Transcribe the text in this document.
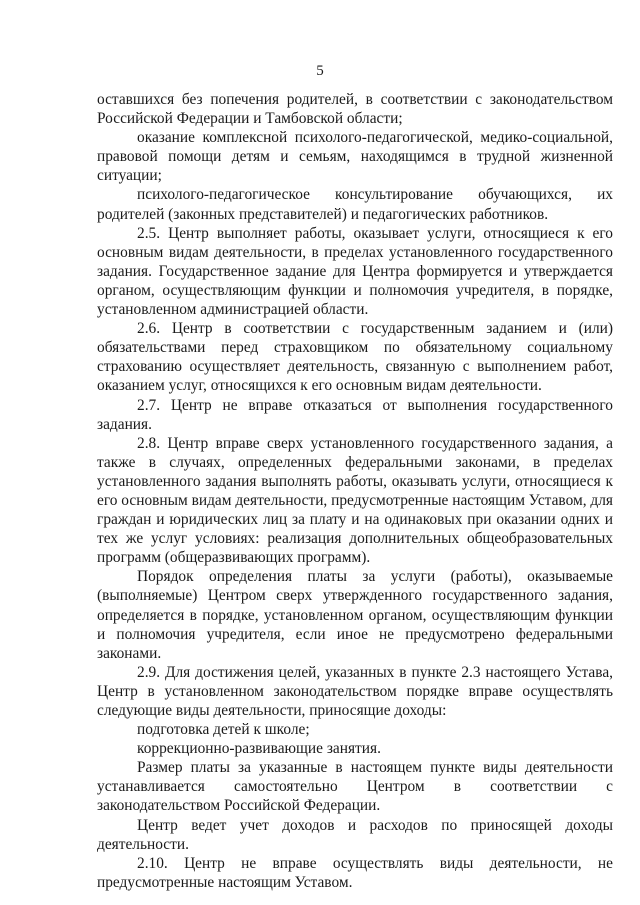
5

оставшихся без попечения родителей, в соответствии с законодательством Российской Федерации и Тамбовской области;

оказание комплексной психолого-педагогической, медико-социальной, правовой помощи детям и семьям, находящимся в трудной жизненной ситуации;

психолого-педагогическое консультирование обучающихся, их родителей (законных представителей) и педагогических работников.

2.5. Центр выполняет работы, оказывает услуги, относящиеся к его основным видам деятельности, в пределах установленного государственного задания. Государственное задание для Центра формируется и утверждается органом, осуществляющим функции и полномочия учредителя, в порядке, установленном администрацией области.

2.6. Центр в соответствии с государственным заданием и (или) обязательствами перед страховщиком по обязательному социальному страхованию осуществляет деятельность, связанную с выполнением работ, оказанием услуг, относящихся к его основным видам деятельности.

2.7. Центр не вправе отказаться от выполнения государственного задания.

2.8. Центр вправе сверх установленного государственного задания, а также в случаях, определенных федеральными законами, в пределах установленного задания выполнять работы, оказывать услуги, относящиеся к его основным видам деятельности, предусмотренные настоящим Уставом, для граждан и юридических лиц за плату и на одинаковых при оказании одних и тех же услуг условиях: реализация дополнительных общеобразовательных программ (общеразвивающих программ).

Порядок определения платы за услуги (работы), оказываемые (выполняемые) Центром сверх утвержденного государственного задания, определяется в порядке, установленном органом, осуществляющим функции и полномочия учредителя, если иное не предусмотрено федеральными законами.

2.9. Для достижения целей, указанных в пункте 2.3 настоящего Устава, Центр в установленном законодательством порядке вправе осуществлять следующие виды деятельности, приносящие доходы:

подготовка детей к школе;

коррекционно-развивающие занятия.

Размер платы за указанные в настоящем пункте виды деятельности устанавливается самостоятельно Центром в соответствии с законодательством Российской Федерации.

Центр ведет учет доходов и расходов по приносящей доходы деятельности.

2.10. Центр не вправе осуществлять виды деятельности, не предусмотренные настоящим Уставом.
